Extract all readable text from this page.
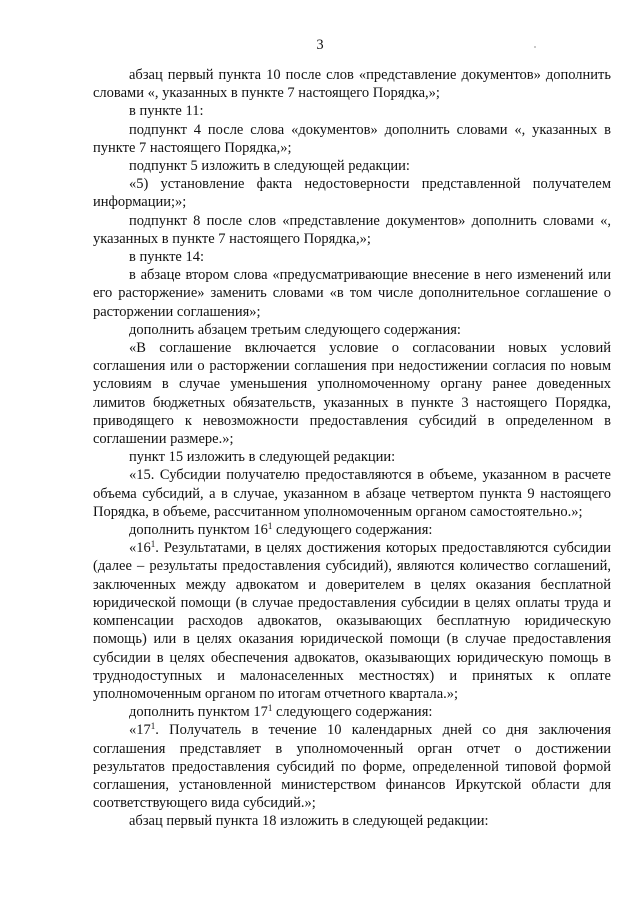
3

абзац первый пункта 10 после слов «представление документов» дополнить словами «, указанных в пункте 7 настоящего Порядка,»;

в пункте 11:

подпункт 4 после слова «документов» дополнить словами «, указанных в пункте 7 настоящего Порядка,»;

подпункт 5 изложить в следующей редакции:

«5) установление факта недостоверности представленной получателем информации;»;

подпункт 8 после слов «представление документов» дополнить словами «, указанных в пункте 7 настоящего Порядка,»;

в пункте 14:

в абзаце втором слова «предусматривающие внесение в него изменений или его расторжение» заменить словами «в том числе дополнительное соглашение о расторжении соглашения»;

дополнить абзацем третьим следующего содержания:

«В соглашение включается условие о согласовании новых условий соглашения или о расторжении соглашения при недостижении согласия по новым условиям в случае уменьшения уполномоченному органу ранее доведенных лимитов бюджетных обязательств, указанных в пункте 3 настоящего Порядка, приводящего к невозможности предоставления субсидий в определенном в соглашении размере.»;

пункт 15 изложить в следующей редакции:

«15. Субсидии получателю предоставляются в объеме, указанном в расчете объема субсидий, а в случае, указанном в абзаце четвертом пункта 9 настоящего Порядка, в объеме, рассчитанном уполномоченным органом самостоятельно.»;

дополнить пунктом $16^1$ следующего содержания:

«$16^1$. Результатами, в целях достижения которых предоставляются субсидии (далее – результаты предоставления субсидий), являются количество соглашений, заключенных между адвокатом и доверителем в целях оказания бесплатной юридической помощи (в случае предоставления субсидии в целях оплаты труда и компенсации расходов адвокатов, оказывающих бесплатную юридическую помощь) или в целях оказания юридической помощи (в случае предоставления субсидии в целях обеспечения адвокатов, оказывающих юридическую помощь в труднодоступных и малонаселенных местностях) и принятых к оплате уполномоченным органом по итогам отчетного квартала.»;

дополнить пунктом $17^1$ следующего содержания:

«$17^1$. Получатель в течение 10 календарных дней со дня заключения соглашения представляет в уполномоченный орган отчет о достижении результатов предоставления субсидий по форме, определенной типовой формой соглашения, установленной министерством финансов Иркутской области для соответствующего вида субсидий.»;

абзац первый пункта 18 изложить в следующей редакции:
